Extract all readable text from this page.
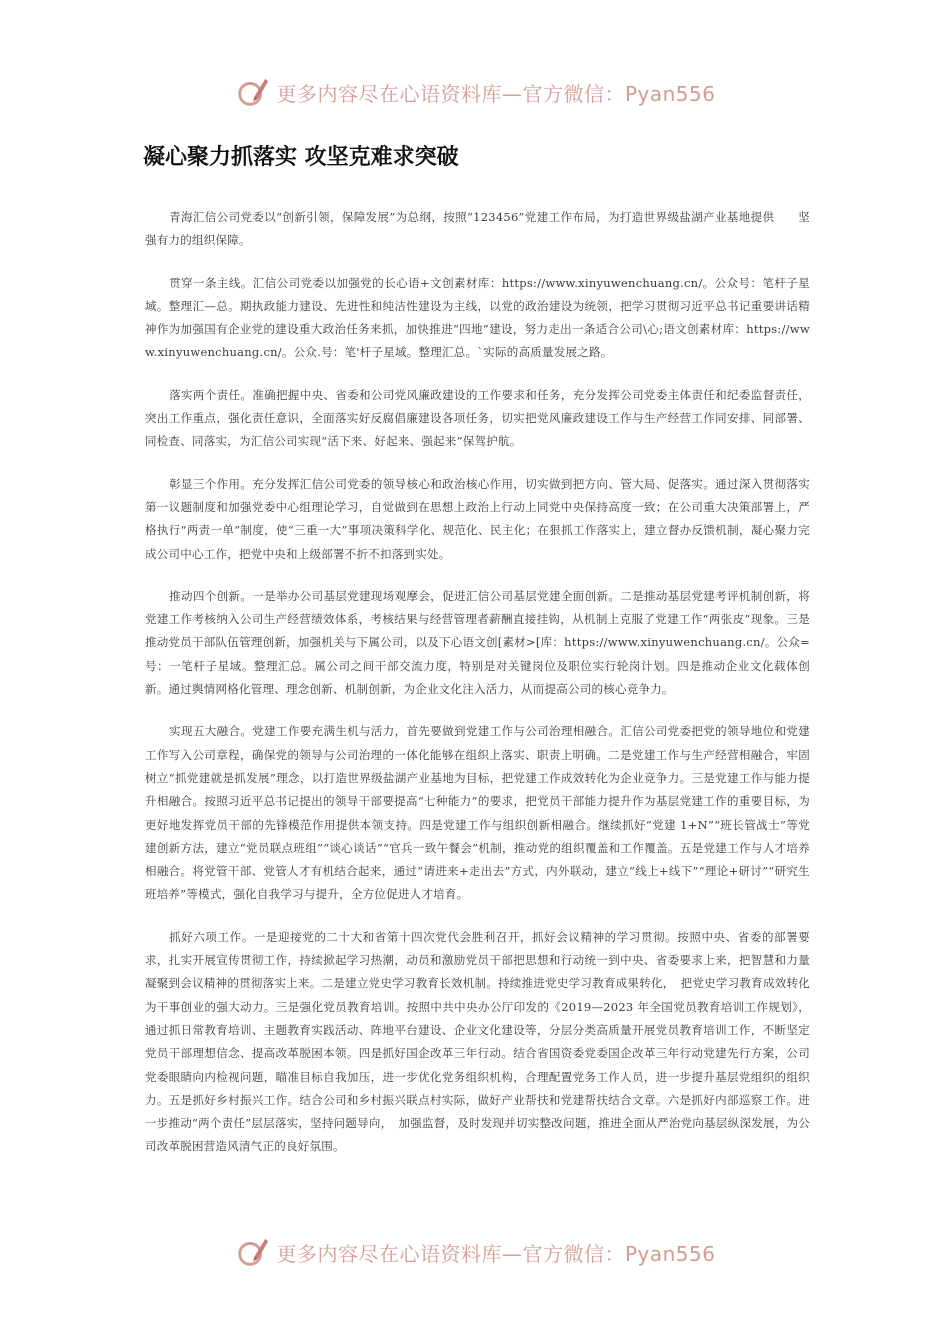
更多内容尽在心语资料库—官方微信：Pyan556
凝心聚力抓落实 攻坚克难求突破

青海汇信公司党委以“创新引领，保障发展”为总纲，按照“123456”党建工作布局，为打造世界级盐湖产业基地提供　　坚强有力的组织保障。

贯穿一条主线。汇信公司党委以加强党的长心语+文创素材库：https://www.xinyuwenchuang.cn/。公众号：笔杆子星域。整理汇—总。期执政能力建设、先进性和纯洁性建设为主线，以党的政治建设为统领，把学习贯彻习近平总书记重要讲话精神作为加强国有企业党的建设重大政治任务来抓，加快推进“四地”建设，努力走出一条适合公司\心;语文创素材库：https://www.xinyuwenchuang.cn/。公众.号：笔'杆子星域。整理汇总。`实际的高质量发展之路。

落实两个责任。准确把握中央、省委和公司党风廉政建设的工作要求和任务，充分发挥公司党委主体责任和纪委监督责任，突出工作重点，强化责任意识，全面落实好反腐倡廉建设各项任务，切实把党风廉政建设工作与生产经营工作同安排、同部署、同检查、同落实，为汇信公司实现“活下来、好起来、强起来”保驾护航。

彰显三个作用。充分发挥汇信公司党委的领导核心和政治核心作用，切实做到把方向、管大局、促落实。通过深入贯彻落实第一议题制度和加强党委中心组理论学习，自觉做到在思想上政治上行动上同党中央保持高度一致；在公司重大决策部署上，严格执行“两责一单”制度，使“三重一大”事项决策科学化、规范化、民主化；在狠抓工作落实上，建立督办反馈机制，凝心聚力完成公司中心工作，把党中央和上级部署不折不扣落到实处。

推动四个创新。一是举办公司基层党建现场观摩会，促进汇信公司基层党建全面创新。二是推动基层党建考评机制创新，将党建工作考核纳入公司生产经营绩效体系，考核结果与经营管理者薪酬直接挂钩，从机制上克服了党建工作“两张皮”现象。三是推动党员干部队伍管理创新，加强机关与下属公司，以及下心语文创[素材>[库：https://www.xinyuwenchuang.cn/。公众=号：一笔杆子星域。整理汇总。属公司之间干部交流力度，特别是对关键岗位及职位实行轮岗计划。四是推动企业文化载体创新。通过舆情网格化管理、理念创新、机制创新，为企业文化注入活力，从而提高公司的核心竞争力。

实现五大融合。党建工作要充满生机与活力，首先要做到党建工作与公司治理相融合。汇信公司党委把党的领导地位和党建工作写入公司章程，确保党的领导与公司治理的一体化能够在组织上落实、职责上明确。二是党建工作与生产经营相融合，牢固树立“抓党建就是抓发展”理念，以打造世界级盐湖产业基地为目标，把党建工作成效转化为企业竞争力。三是党建工作与能力提升相融合。按照习近平总书记提出的领导干部要提高“七种能力”的要求，把党员干部能力提升作为基层党建工作的重要目标，为更好地发挥党员干部的先锋模范作用提供本领支持。四是党建工作与组织创新相融合。继续抓好“党建 1+N”“班长管战士”等党建创新方法，建立“党员联点班组”“谈心谈话”“官兵一致午餐会”机制，推动党的组织覆盖和工作覆盖。五是党建工作与人才培养相融合。将党管干部、党管人才有机结合起来，通过“请进来+走出去”方式，内外联动，建立“线上+线下”“理论+研讨”“研究生班培养”等模式，强化自我学习与提升，全方位促进人才培育。

抓好六项工作。一是迎接党的二十大和省第十四次党代会胜利召开，抓好会议精神的学习贯彻。按照中央、省委的部署要求，扎实开展宣传贯彻工作，持续掀起学习热潮，动员和激励党员干部把思想和行动统一到中央、省委要求上来，把智慧和力量凝聚到会议精神的贯彻落实上来。二是建立党史学习教育长效机制。持续推进党史学习教育成果转化，　把党史学习教育成效转化为干事创业的强大动力。三是强化党员教育培训。按照中共中央办公厅印发的《2019—2023 年全国党员教育培训工作规划》，通过抓日常教育培训、主题教育实践活动、阵地平台建设、企业文化建设等，分层分类高质量开展党员教育培训工作，不断坚定党员干部理想信念、提高改革脱困本领。四是抓好国企改革三年行动。结合省国资委党委国企改革三年行动党建先行方案，公司党委眼睛向内检视问题，瞄准目标自我加压，进一步优化党务组织机构，合理配置党务工作人员，进一步提升基层党组织的组织力。五是抓好乡村振兴工作。结合公司和乡村振兴联点村实际，做好产业帮扶和党建帮扶结合文章。六是抓好内部巡察工作。进一步推动“两个责任”层层落实，坚持问题导向，　加强监督，及时发现并切实整改问题，推进全面从严治党向基层纵深发展，为公司改革脱困营造风清气正的良好氛围。

更多内容尽在心语资料库—官方微信：Pyan556
